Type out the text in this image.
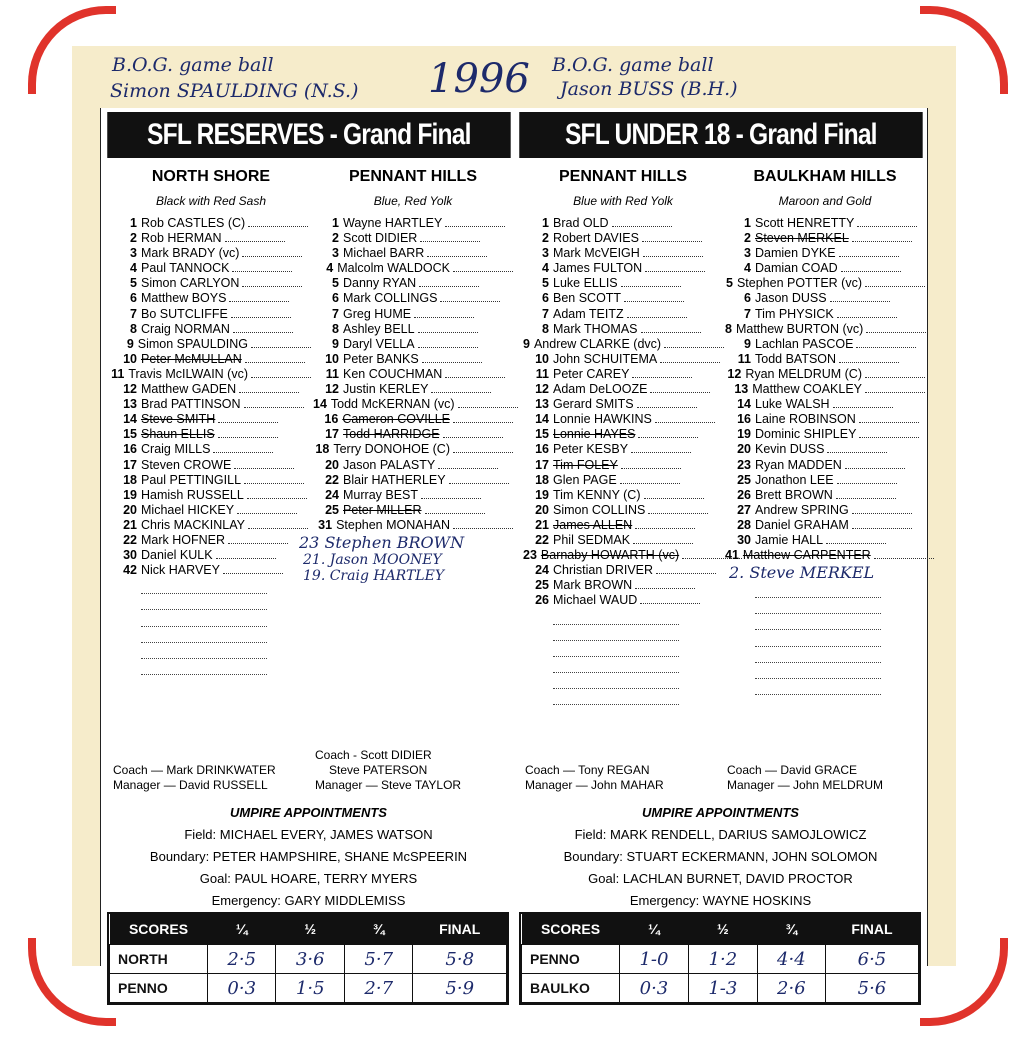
B.O.G. game ball
Simon SPAULDING (N.S.) 1996 B.O.G. game ball
Jason BUSS (B.H.)
SFL RESERVES - Grand Final
NORTH SHORE
Black with Red Sash
1 Rob CASTLES (C)
2 Rob HERMAN
3 Mark BRADY (vc)
4 Paul TANNOCK
5 Simon CARLYON
6 Matthew BOYS
7 Bo SUTCLIFFE
8 Craig NORMAN
9 Simon SPAULDING
10 Peter McMULLAN
11 Travis McILWAIN (vc)
12 Matthew GADEN
13 Brad PATTINSON
14 Steve SMITH
15 Shaun ELLIS
16 Craig MILLS
17 Steven CROWE
18 Paul PETTINGILL
19 Hamish RUSSELL
20 Michael HICKEY
21 Chris MACKINLAY
22 Mark HOFNER
30 Daniel KULK
42 Nick HARVEY
PENNANT HILLS
Blue, Red Yolk
1 Wayne HARTLEY
2 Scott DIDIER
3 Michael BARR
4 Malcolm WALDOCK
5 Danny RYAN
6 Mark COLLINGS
7 Greg HUME
8 Ashley BELL
9 Daryl VELLA
10 Peter BANKS
11 Ken COUCHMAN
12 Justin KERLEY
14 Todd McKERNAN (vc)
16 Cameron COVILLE
17 Todd HARRIDGE
18 Terry DONOHOE (C)
20 Jason PALASTY
22 Blair HATHERLEY
24 Murray BEST
25 Peter MILLER
31 Stephen MONAHAN
23 Stephen BROWN
21. Jason MOONEY
19. Craig HARTLEY
Coach — Mark DRINKWATER
Manager — David RUSSELL
Coach - Scott DIDIER
Steve PATERSON
Manager — Steve TAYLOR
UMPIRE APPOINTMENTS
Field: MICHAEL EVERY, JAMES WATSON
Boundary: PETER HAMPSHIRE, SHANE McSPEERIN
Goal: PAUL HOARE, TERRY MYERS
Emergency: GARY MIDDLEMISS
SCORES	¼	½	¾	FINAL
NORTH	2·5	3·6	5·7	5·8
PENNO	0·3	1·5	2·7	5·9
SFL UNDER 18 - Grand Final
PENNANT HILLS
Blue with Red Yolk
1 Brad OLD
2 Robert DAVIES
3 Mark McVEIGH
4 James FULTON
5 Luke ELLIS
6 Ben SCOTT
7 Adam TEITZ
8 Mark THOMAS
9 Andrew CLARKE (dvc)
10 John SCHUITEMA
11 Peter CAREY
12 Adam DeLOOZE
13 Gerard SMITS
14 Lonnie HAWKINS
15 Lonnie HAYES
16 Peter KESBY
17 Tim FOLEY
18 Glen PAGE
19 Tim KENNY (C)
20 Simon COLLINS
21 James ALLEN
22 Phil SEDMAK
23 Barnaby HOWARTH (vc)
24 Christian DRIVER
25 Mark BROWN
26 Michael WAUD
BAULKHAM HILLS
Maroon and Gold
1 Scott HENRETTY
2 Steven MERKEL
3 Damien DYKE
4 Damian COAD
5 Stephen POTTER (vc)
6 Jason DUSS
7 Tim PHYSICK
8 Matthew BURTON (vc)
9 Lachlan PASCOE
11 Todd BATSON
12 Ryan MELDRUM (C)
13 Matthew COAKLEY
14 Luke WALSH
16 Laine ROBINSON
19 Dominic SHIPLEY
20 Kevin DUSS
23 Ryan MADDEN
25 Jonathon LEE
26 Brett BROWN
27 Andrew SPRING
28 Daniel GRAHAM
30 Jamie HALL
41 Matthew CARPENTER
2. Steve MERKEL
Coach — Tony REGAN
Manager — John MAHAR
Coach — David GRACE
Manager — John MELDRUM
UMPIRE APPOINTMENTS
Field: MARK RENDELL, DARIUS SAMOJLOWICZ
Boundary: STUART ECKERMANN, JOHN SOLOMON
Goal: LACHLAN BURNET, DAVID PROCTOR
Emergency: WAYNE HOSKINS
SCORES	¼	½	¾	FINAL
PENNO	1-0	1·2	4·4	6·5
BAULKO	0·3	1-3	2·6	5·6
